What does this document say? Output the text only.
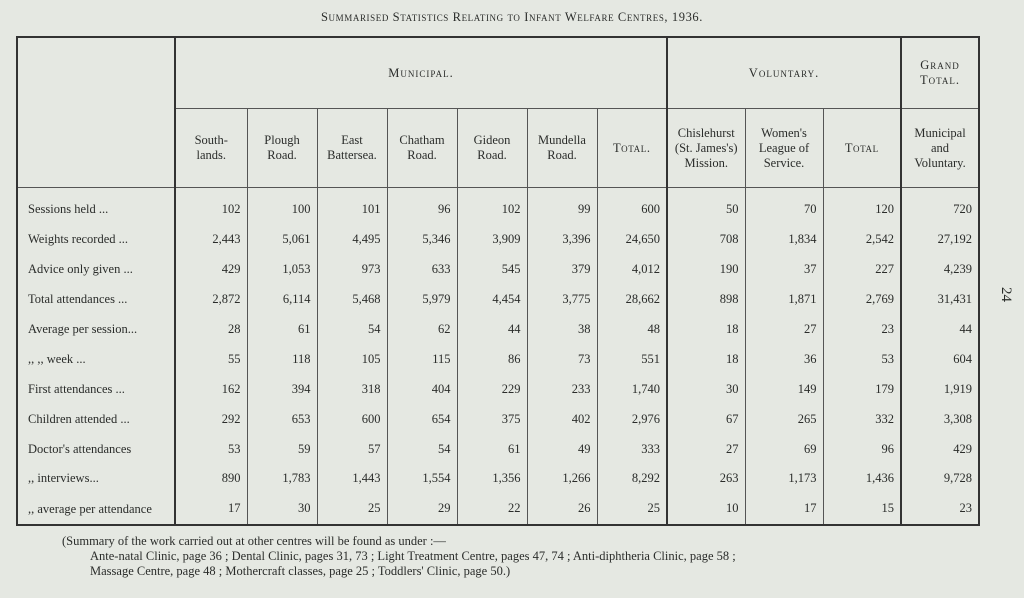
Summarised Statistics Relating to Infant Welfare Centres, 1936.
24
	Municipal.							Voluntary.			Grand Total.
	South- lands.	Plough Road.	East Battersea.	Chatham Road.	Gideon Road.	Mundella Road.	Total.	Chislehurst (St. James's) Mission.	Women's League of Service.	Total	Municipal and Voluntary.
Sessions held ...	102	100	101	96	102	99	600	50	70	120	720
Weights recorded ...	2,443	5,061	4,495	5,346	3,909	3,396	24,650	708	1,834	2,542	27,192
Advice only given ...	429	1,053	973	633	545	379	4,012	190	37	227	4,239
Total attendances ...	2,872	6,114	5,468	5,979	4,454	3,775	28,662	898	1,871	2,769	31,431
Average per session...	28	61	54	62	44	38	48	18	27	23	44
,, ,, week ...	55	118	105	115	86	73	551	18	36	53	604
First attendances ...	162	394	318	404	229	233	1,740	30	149	179	1,919
Children attended ...	292	653	600	654	375	402	2,976	67	265	332	3,308
Doctor's attendances	53	59	57	54	61	49	333	27	69	96	429
,, interviews...	890	1,783	1,443	1,554	1,356	1,266	8,292	263	1,173	1,436	9,728
,, average per attendance	17	30	25	29	22	26	25	10	17	15	23
(Summary of the work carried out at other centres will be found as under :—
Ante-natal Clinic, page 36 ; Dental Clinic, pages 31, 73 ; Light Treatment Centre, pages 47, 74 ; Anti-diphtheria Clinic, page 58 ;
Massage Centre, page 48 ; Mothercraft classes, page 25 ; Toddlers' Clinic, page 50.)
